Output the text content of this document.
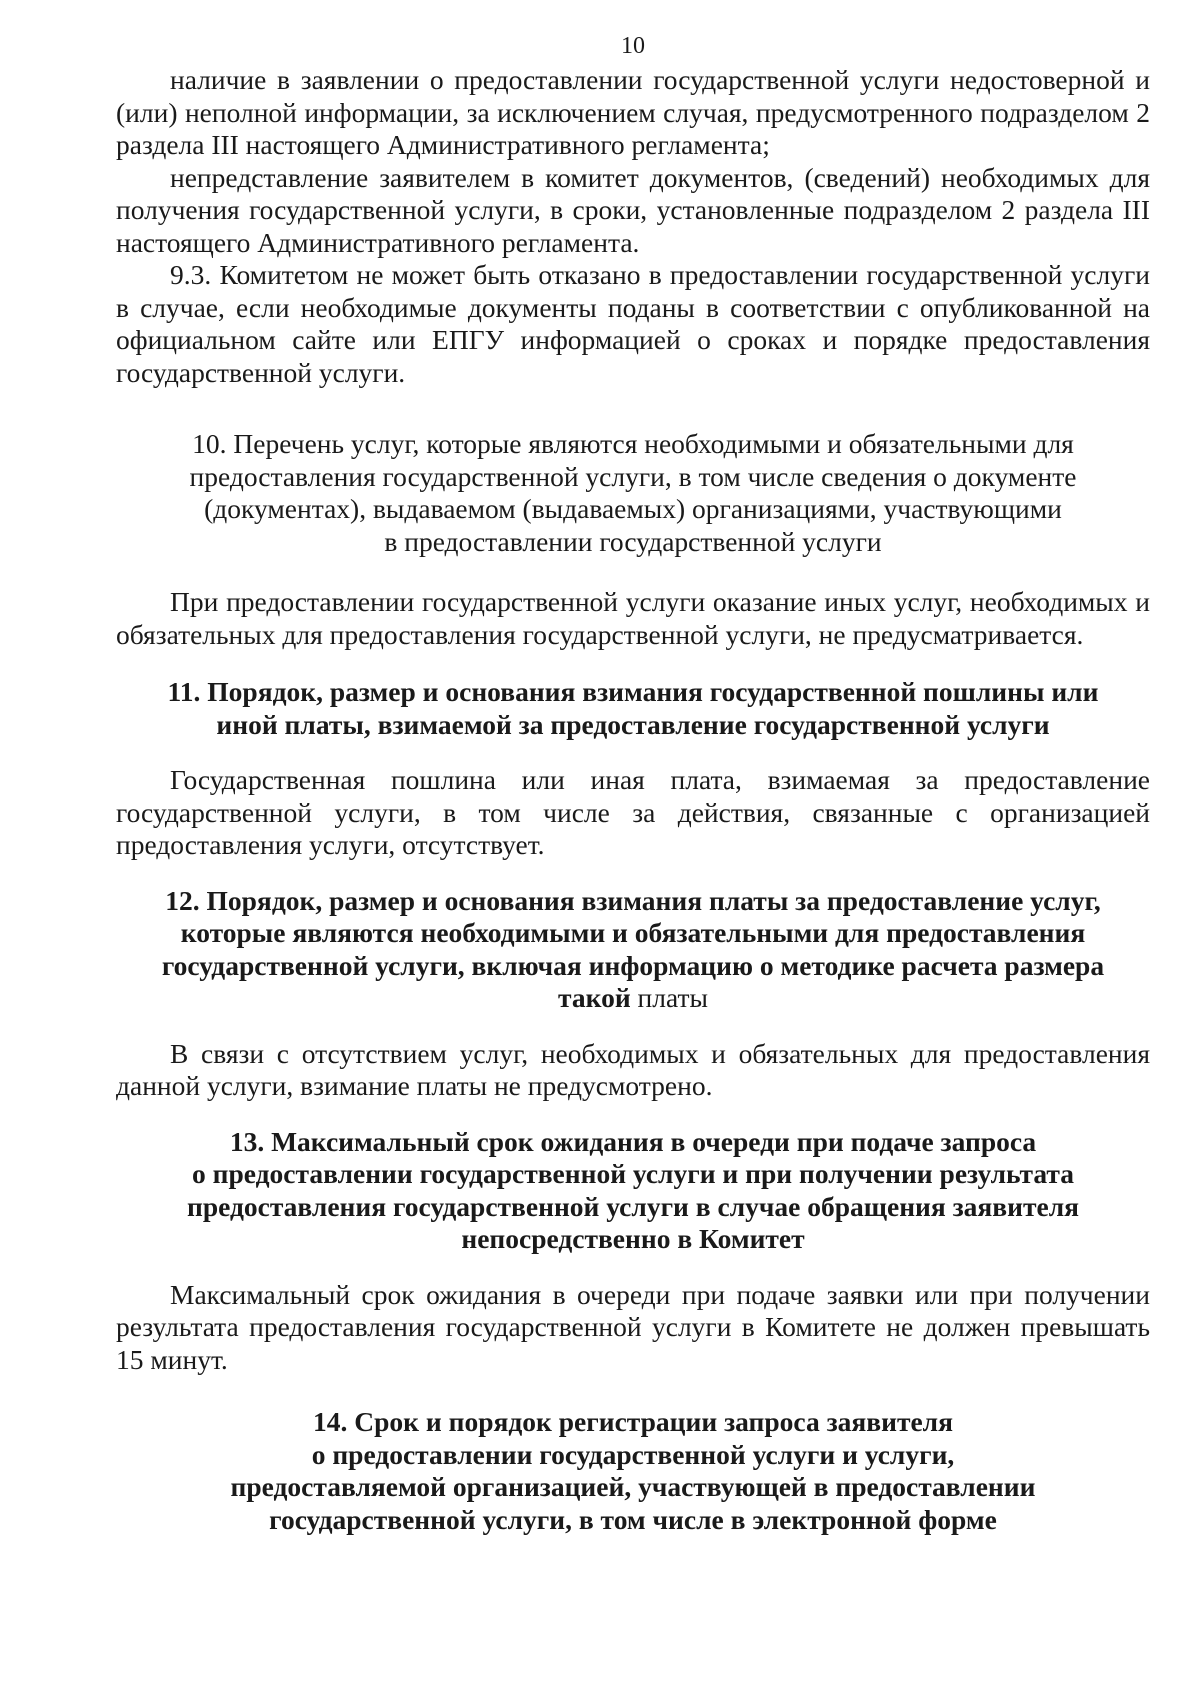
10

наличие в заявлении о предоставлении государственной услуги недостоверной и (или) неполной информации, за исключением случая, предусмотренного подразделом 2 раздела III настоящего Административного регламента;

непредставление заявителем в комитет документов, (сведений) необходимых для получения государственной услуги, в сроки, установленные подразделом 2 раздела III настоящего Административного регламента.

9.3. Комитетом не может быть отказано в предоставлении государственной услуги в случае, если необходимые документы поданы в соответствии с опубликованной на официальном сайте или ЕПГУ информацией о сроках и порядке предоставления государственной услуги.

10. Перечень услуг, которые являются необходимыми и обязательными для
предоставления государственной услуги, в том числе сведения о документе
(документах), выдаваемом (выдаваемых) организациями, участвующими
в предоставлении государственной услуги

При предоставлении государственной услуги оказание иных услуг, необходимых и обязательных для предоставления государственной услуги, не предусматривается.

11. Порядок, размер и основания взимания государственной пошлины или
иной платы, взимаемой за предоставление государственной услуги

Государственная пошлина или иная плата, взимаемая за предоставление государственной услуги, в том числе за действия, связанные с организацией предоставления услуги, отсутствует.

12. Порядок, размер и основания взимания платы за предоставление услуг,
которые являются необходимыми и обязательными для предоставления
государственной услуги, включая информацию о методике расчета размера
такой платы

В связи с отсутствием услуг, необходимых и обязательных для предоставления данной услуги, взимание платы не предусмотрено.

13. Максимальный срок ожидания в очереди при подаче запроса
о предоставлении государственной услуги и при получении результата
предоставления государственной услуги в случае обращения заявителя
непосредственно в Комитет

Максимальный срок ожидания в очереди при подаче заявки или при получении результата предоставления государственной услуги в Комитете не должен превышать 15 минут.

14. Срок и порядок регистрации запроса заявителя
о предоставлении государственной услуги и услуги,
предоставляемой организацией, участвующей в предоставлении
государственной услуги, в том числе в электронной форме
